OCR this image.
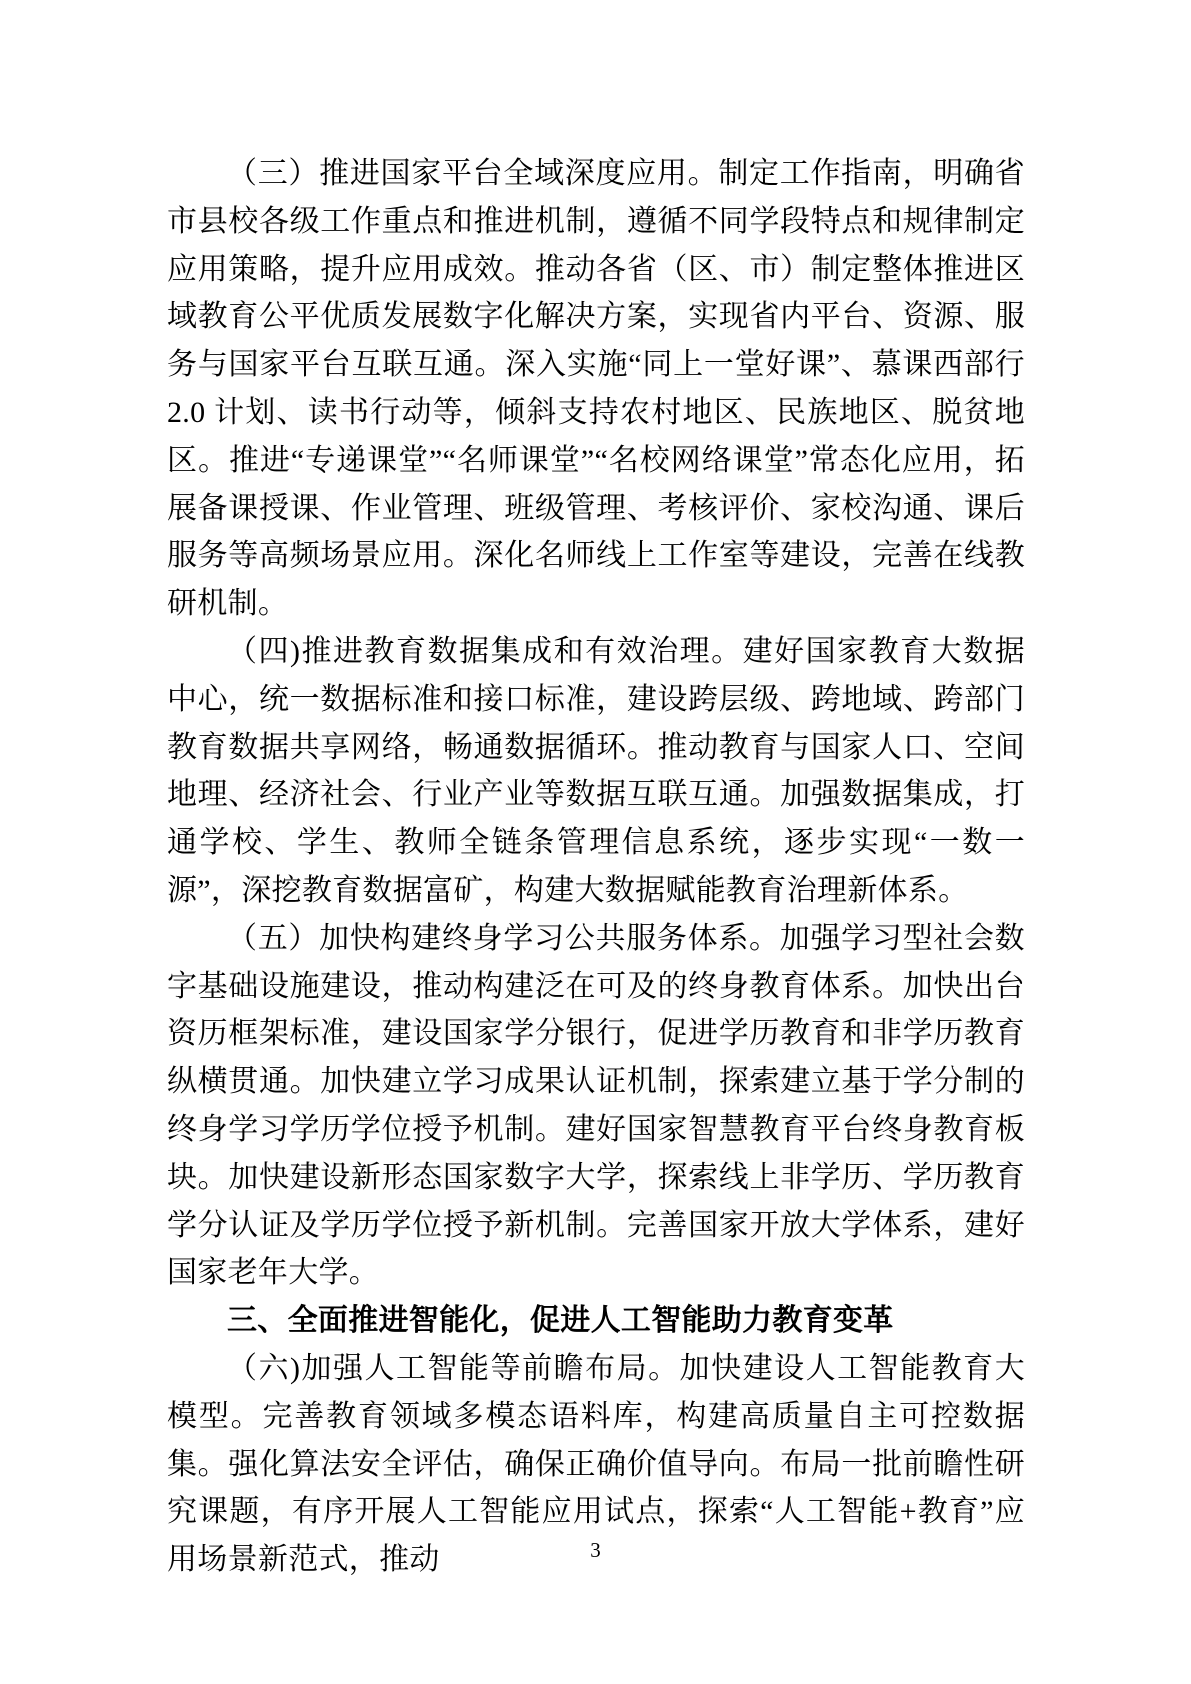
（三）推进国家平台全域深度应用。制定工作指南，明确省市县校各级工作重点和推进机制，遵循不同学段特点和规律制定应用策略，提升应用成效。推动各省（区、市）制定整体推进区域教育公平优质发展数字化解决方案，实现省内平台、资源、服务与国家平台互联互通。深入实施“同上一堂好课”、慕课西部行 2.0 计划、读书行动等，倾斜支持农村地区、民族地区、脱贫地区。推进“专递课堂”“名师课堂”“名校网络课堂”常态化应用，拓展备课授课、作业管理、班级管理、考核评价、家校沟通、课后服务等高频场景应用。深化名师线上工作室等建设，完善在线教研机制。

（四)推进教育数据集成和有效治理。建好国家教育大数据中心，统一数据标准和接口标准，建设跨层级、跨地域、跨部门教育数据共享网络，畅通数据循环。推动教育与国家人口、空间地理、经济社会、行业产业等数据互联互通。加强数据集成，打通学校、学生、教师全链条管理信息系统，逐步实现“一数一源”，深挖教育数据富矿，构建大数据赋能教育治理新体系。

（五）加快构建终身学习公共服务体系。加强学习型社会数字基础设施建设，推动构建泛在可及的终身教育体系。加快出台资历框架标准，建设国家学分银行，促进学历教育和非学历教育纵横贯通。加快建立学习成果认证机制，探索建立基于学分制的终身学习学历学位授予机制。建好国家智慧教育平台终身教育板块。加快建设新形态国家数字大学，探索线上非学历、学历教育学分认证及学历学位授予新机制。完善国家开放大学体系，建好国家老年大学。

三、全面推进智能化，促进人工智能助力教育变革

（六)加强人工智能等前瞻布局。加快建设人工智能教育大模型。完善教育领域多模态语料库，构建高质量自主可控数据集。强化算法安全评估，确保正确价值导向。布局一批前瞻性研究课题，有序开展人工智能应用试点，探索“人工智能+教育”应用场景新范式，推动	3
